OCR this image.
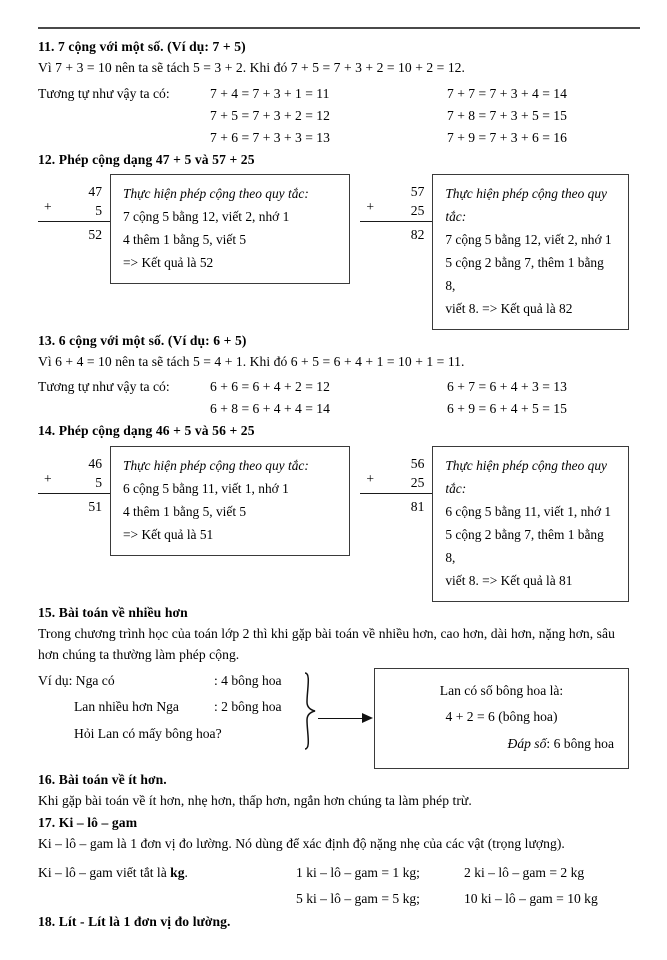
11. 7 cộng với một số. (Ví dụ: 7 + 5)

Vì 7 + 3 = 10 nên ta sẽ tách 5 = 3 + 2. Khi đó 7 + 5 = 7 + 3 + 2 = 10 + 2 = 12.

Tương tự như vậy ta có:	7 + 4 = 7 + 3 + 1 = 11	7 + 7 = 7 + 3 + 4 = 14
7 + 5 = 7 + 3 + 2 = 12	7 + 8 = 7 + 3 + 5 = 15
7 + 6 = 7 + 3 + 3 = 13	7 + 9 = 7 + 3 + 6 = 16
12. Phép cộng dạng 47 + 5 và 57 + 25
47
+	5
52
Thực hiện phép cộng theo quy tắc:
7 cộng 5 bằng 12, viết 2, nhớ 1
4 thêm 1 bằng 5, viết 5
=> Kết quả là 52
57
+	25
82
Thực hiện phép cộng theo quy tắc:
7 cộng 5 bằng 12, viết 2, nhớ 1
5 cộng 2 bằng 7, thêm 1 bằng 8,
viết 8. => Kết quả là 82
13. 6 cộng với một số. (Ví dụ: 6 + 5)

Vì 6 + 4 = 10 nên ta sẽ tách 5 = 4 + 1. Khi đó 6 + 5 = 6 + 4 + 1 = 10 + 1 = 11.

Tương tự như vậy ta có:	6 + 6 = 6 + 4 + 2 = 12	6 + 7 = 6 + 4 + 3 = 13
6 + 8 = 6 + 4 + 4 = 14	6 + 9 = 6 + 4 + 5 = 15
14. Phép cộng dạng 46 + 5 và 56 + 25
46
+	5
51
Thực hiện phép cộng theo quy tắc:
6 cộng 5 bằng 11, viết 1, nhớ 1
4 thêm 1 bằng 5, viết 5
=> Kết quả là 51
56
+	25
81
Thực hiện phép cộng theo quy tắc:
6 cộng 5 bằng 11, viết 1, nhớ 1
5 cộng 2 bằng 7, thêm 1 bằng 8,
viết 8. => Kết quả là 81
15. Bài toán về nhiều hơn

Trong chương trình học của toán lớp 2 thì khi gặp bài toán về nhiều hơn, cao hơn, dài hơn, nặng hơn, sâu hơn chúng ta thường làm phép cộng.

Ví dụ: Nga có	: 4 bông hoa
Lan nhiều hơn Nga	: 2 bông hoa
Hỏi Lan có mấy bông hoa?
Lan có số bông hoa là:
4 + 2 = 6 (bông hoa)
Đáp số: 6 bông hoa
16. Bài toán về ít hơn.

Khi gặp bài toán về ít hơn, nhẹ hơn, thấp hơn, ngắn hơn chúng ta làm phép trừ.

17. Ki – lô – gam

Ki – lô – gam là 1 đơn vị đo lường. Nó dùng để xác định độ nặng nhẹ của các vật (trọng lượng).

Ki – lô – gam viết tắt là kg.	1 ki – lô – gam = 1 kg;	2 ki – lô – gam = 2 kg
5 ki – lô – gam = 5 kg;	10 ki – lô – gam = 10 kg
18. Lít - Lít là 1 đơn vị đo lường.
